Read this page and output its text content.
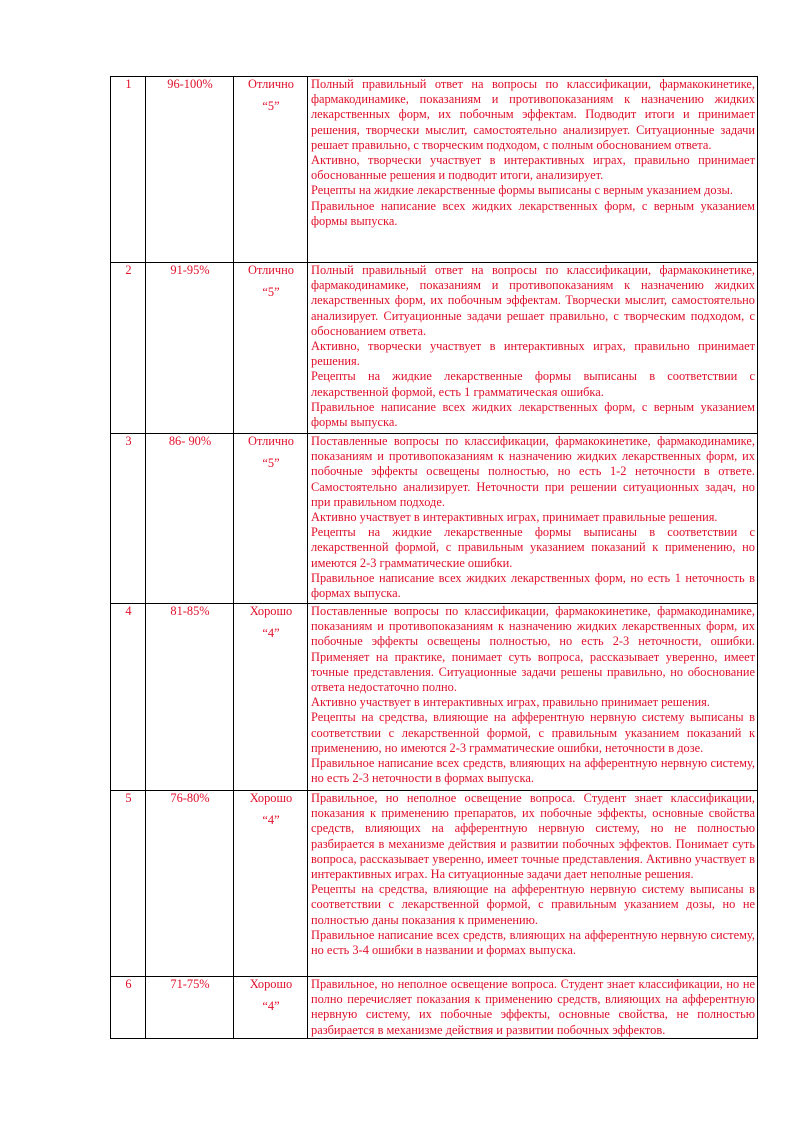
1	96-100%	Отлично
“5”	Полный правильный ответ на вопросы по классификации, фармакокинетике, фармакодинамике, показаниям и противопоказаниям к назначению жидких лекарственных форм, их побочным эффектам. Подводит итоги и принимает решения, творчески мыслит, самостоятельно анализирует. Ситуационные задачи решает правильно, с творческим подходом, с полным обоснованием ответа.
Активно, творчески участвует в интерактивных играх, правильно принимает обоснованные решения и подводит итоги, анализирует.
Рецепты на жидкие лекарственные формы выписаны с верным указанием дозы.
Правильное написание всех жидких лекарственных форм, с верным указанием формы выпуска.

2	91-95%	Отлично
“5”	Полный правильный ответ на вопросы по классификации, фармакокинетике, фармакодинамике, показаниям и противопоказаниям к назначению жидких лекарственных форм, их побочным эффектам. Творчески мыслит, самостоятельно анализирует. Ситуационные задачи решает правильно, с творческим подходом, с обоснованием ответа.
Активно, творчески участвует в интерактивных играх, правильно принимает решения.
Рецепты на жидкие лекарственные формы выписаны в соответствии с лекарственной формой, есть 1 грамматическая ошибка.
Правильное написание всех жидких лекарственных форм, с верным указанием формы выпуска.

3	86- 90%	Отлично
“5”	Поставленные вопросы по классификации, фармакокинетике, фармакодинамике, показаниям и противопоказаниям к назначению жидких лекарственных форм, их побочные эффекты освещены полностью, но есть 1-2 неточности в ответе. Самостоятельно анализирует. Неточности при решении ситуационных задач, но при правильном подходе.
Активно участвует в интерактивных играх, принимает правильные решения.
Рецепты на жидкие лекарственные формы выписаны в соответствии с лекарственной формой, с правильным указанием показаний к применению, но имеются 2-3 грамматические ошибки.
Правильное написание всех жидких лекарственных форм, но есть 1 неточность в формах выпуска.

4	81-85%	Хорошо
“4”	Поставленные вопросы по классификации, фармакокинетике, фармакодинамике, показаниям и противопоказаниям к назначению жидких лекарственных форм, их побочные эффекты освещены полностью, но есть 2-3 неточности, ошибки. Применяет на практике, понимает суть вопроса, рассказывает уверенно, имеет точные представления. Ситуационные задачи решены правильно, но обоснование ответа недостаточно полно.
Активно участвует в интерактивных играх, правильно принимает решения.
Рецепты на средства, влияющие на афферентную нервную систему выписаны в соответствии с лекарственной формой, с правильным указанием показаний к применению, но имеются 2-3 грамматические ошибки, неточности в дозе.
Правильное написание всех средств, влияющих на афферентную нервную систему, но есть 2-3 неточности в формах выпуска.

5	76-80%	Хорошо
“4”	Правильное, но неполное освещение вопроса. Студент знает классификации, показания к применению препаратов, их побочные эффекты, основные свойства средств, влияющих на афферентную нервную систему, но не полностью разбирается в механизме действия и развитии побочных эффектов. Понимает суть вопроса, рассказывает уверенно, имеет точные представления. Активно участвует в интерактивных играх. На ситуационные задачи дает неполные решения.
Рецепты на средства, влияющие на афферентную нервную систему выписаны в соответствии с лекарственной формой, с правильным указанием дозы, но не полностью даны показания к применению.
Правильное написание всех средств, влияющих на афферентную нервную систему, но есть 3-4 ошибки в названии и формах выпуска.

6	71-75%	Хорошо
“4”	Правильное, но неполное освещение вопроса. Студент знает классификации, но не полно перечисляет показания к применению средств, влияющих на афферентную нервную систему, их побочные эффекты, основные свойства, не полностью разбирается в механизме действия и развитии побочных эффектов.
